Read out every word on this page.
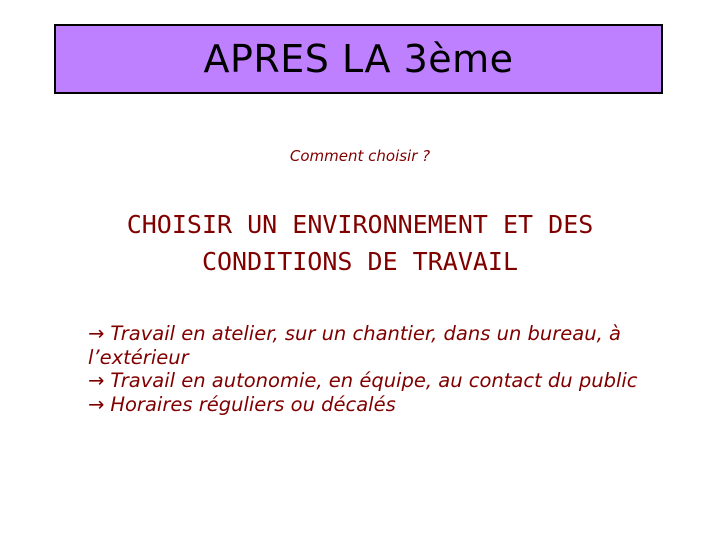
APRES LA 3ème
Comment choisir ?
CHOISIR UN ENVIRONNEMENT ET DES
CONDITIONS DE TRAVAIL
→ Travail en atelier, sur un chantier, dans un bureau, à l’extérieur
→ Travail en autonomie, en équipe, au contact du public
→ Horaires réguliers ou décalés
